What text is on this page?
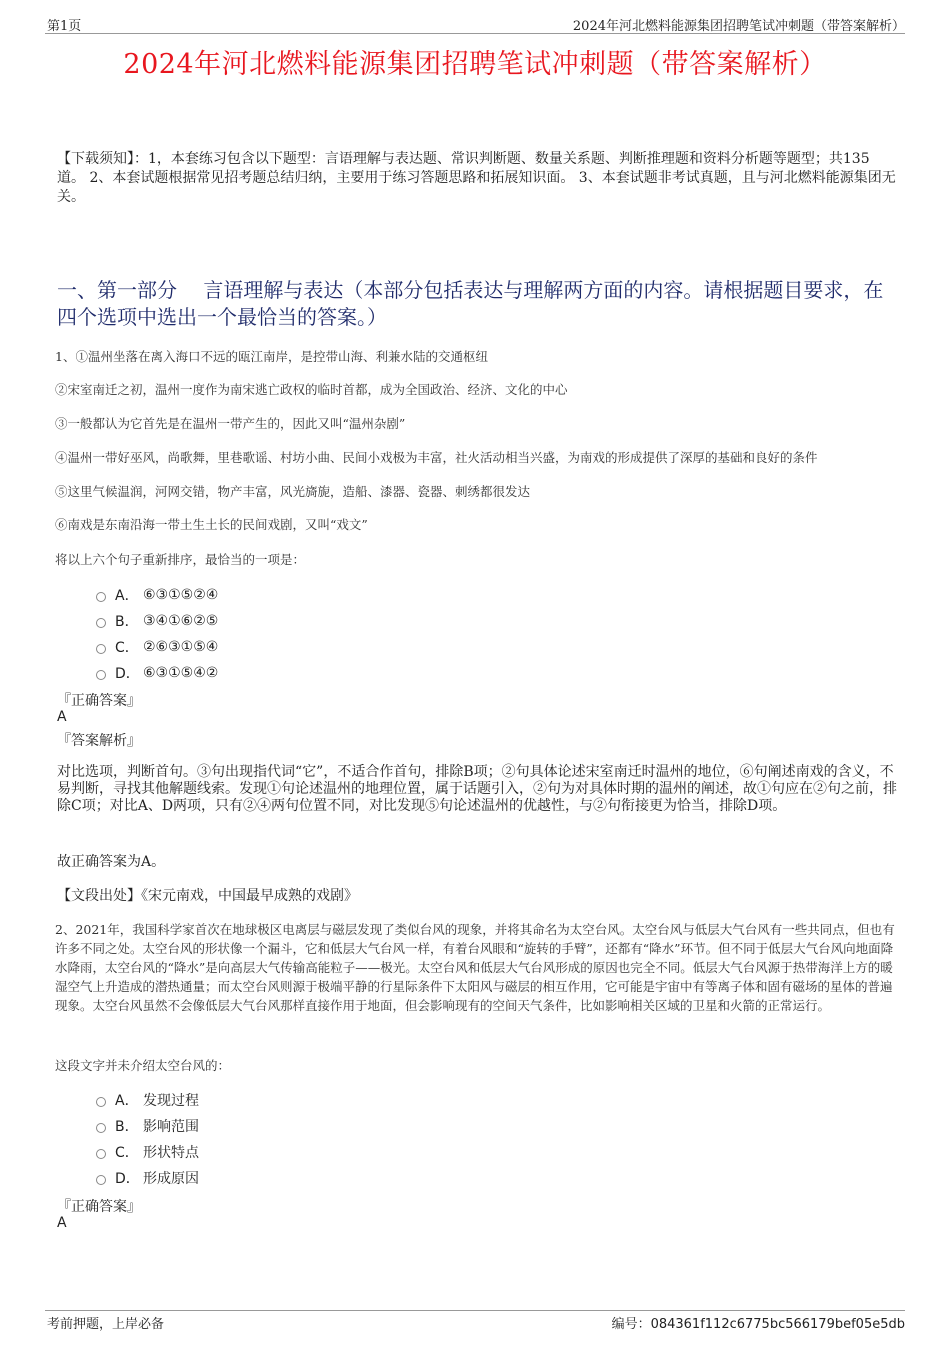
第1页	2024年河北燃料能源集团招聘笔试冲刺题（带答案解析）
2024年河北燃料能源集团招聘笔试冲刺题（带答案解析）
【下载须知】：1，本套练习包含以下题型：言语理解与表达题、常识判断题、数量关系题、判断推理题和资料分析题等题型；共135道。 2、本套试题根据常见招考题总结归纳，主要用于练习答题思路和拓展知识面。 3、本套试题非考试真题，且与河北燃料能源集团无关。
一、第一部分　 言语理解与表达（本部分包括表达与理解两方面的内容。请根据题目要求，在四个选项中选出一个最恰当的答案。）
1、①温州坐落在离入海口不远的瓯江南岸，是控带山海、利兼水陆的交通枢纽
②宋室南迁之初，温州一度作为南宋逃亡政权的临时首都，成为全国政治、经济、文化的中心
③一般都认为它首先是在温州一带产生的，因此又叫“温州杂剧”
④温州一带好巫风，尚歌舞，里巷歌谣、村坊小曲、民间小戏极为丰富，社火活动相当兴盛，为南戏的形成提供了深厚的基础和良好的条件
⑤这里气候温润，河网交错，物产丰富，风光旖旎，造船、漆器、瓷器、刺绣都很发达
⑥南戏是东南沿海一带土生土长的民间戏剧，又叫“戏文”
将以上六个句子重新排序，最恰当的一项是：
A． ⑥③①⑤②④
B． ③④①⑥②⑤
C． ②⑥③①⑤④
D． ⑥③①⑤④②
『正确答案』
A
『答案解析』
对比选项，判断首句。③句出现指代词“它”，不适合作首句，排除B项；②句具体论述宋室南迁时温州的地位，⑥句阐述南戏的含义，不易判断，寻找其他解题线索。发现①句论述温州的地理位置，属于话题引入，②句为对具体时期的温州的阐述，故①句应在②句之前，排除C项；对比A、D两项，只有②④两句位置不同，对比发现⑤句论述温州的优越性，与②句衔接更为恰当，排除D项。
故正确答案为A。
【文段出处】《宋元南戏，中国最早成熟的戏剧》
2、2021年，我国科学家首次在地球极区电离层与磁层发现了类似台风的现象，并将其命名为太空台风。太空台风与低层大气台风有一些共同点，但也有许多不同之处。太空台风的形状像一个漏斗，它和低层大气台风一样，有着台风眼和“旋转的手臂”，还都有“降水”环节。但不同于低层大气台风向地面降水降雨，太空台风的“降水”是向高层大气传输高能粒子——极光。太空台风和低层大气台风形成的原因也完全不同。低层大气台风源于热带海洋上方的暖湿空气上升造成的潜热通量；而太空台风则源于极端平静的行星际条件下太阳风与磁层的相互作用，它可能是宇宙中有等离子体和固有磁场的星体的普遍现象。太空台风虽然不会像低层大气台风那样直接作用于地面，但会影响现有的空间天气条件，比如影响相关区域的卫星和火箭的正常运行。
这段文字并未介绍太空台风的：
A． 发现过程
B． 影响范围
C． 形状特点
D． 形成原因
『正确答案』
A
考前押题，上岸必备	编号：084361f112c6775bc566179bef05e5db
